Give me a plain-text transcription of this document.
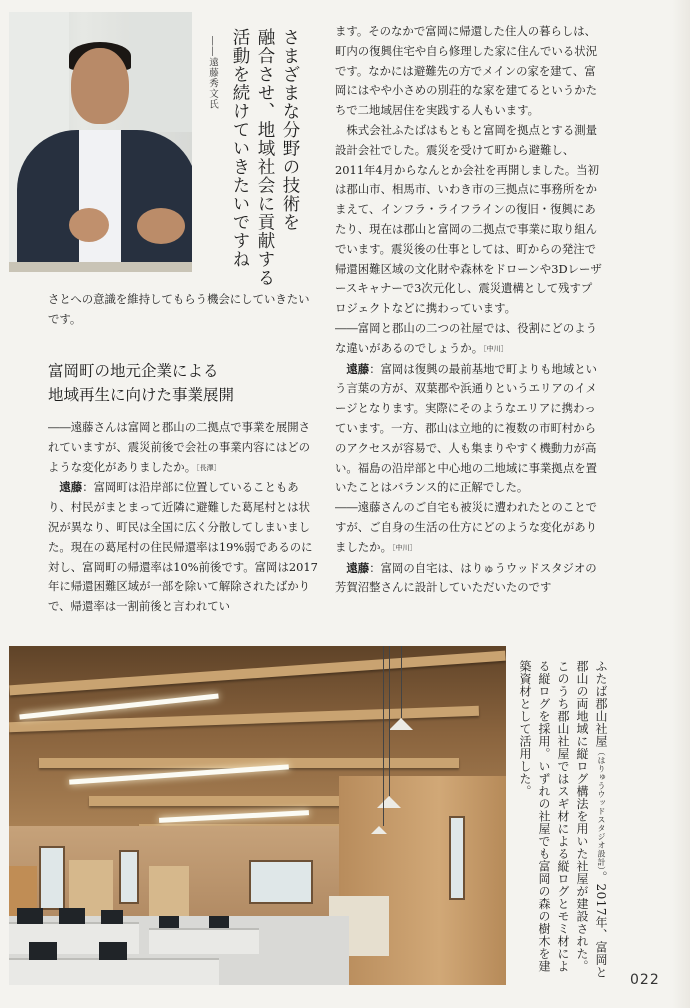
さまざまな分野の技術を
融合させ、地域社会に貢献する
活動を続けていきたいですね
――遠藤秀文氏

さとへの意識を維持してもらう機会にしていきたいです。

富岡町の地元企業による
地域再生に向けた事業展開

――遠藤さんは富岡と郡山の二拠点で事業を展開されていますが、震災前後で会社の事業内容にはどのような変化がありましたか。［長澤］

遠藤：富岡町は沿岸部に位置していることもあり、村民がまとまって近隣に避難した葛尾村とは状況が異なり、町民は全国に広く分散してしまいました。現在の葛尾村の住民帰還率は19%弱であるのに対し、富岡町の帰還率は10%前後です。富岡は2017年に帰還困難区域が一部を除いて解除されたばかりで、帰還率は一割前後と言われてい

ます。そのなかで富岡に帰還した住人の暮らしは、町内の復興住宅や自ら修理した家に住んでいる状況です。なかには避難先の方でメインの家を建て、富岡にはやや小さめの別荘的な家を建てるというかたちで二地域居住を実践する人もいます。

株式会社ふたばはもともと富岡を拠点とする測量設計会社でした。震災を受けて町から避難し、2011年4月からなんとか会社を再開しました。当初は郡山市、相馬市、いわき市の三拠点に事務所をかまえて、インフラ・ライフラインの復旧・復興にあたり、現在は郡山と富岡の二拠点で事業に取り組んでいます。震災後の仕事としては、町からの発注で帰還困難区域の文化財や森林をドローンや3Dレーザースキャナーで3次元化し、震災遺構として残すプロジェクトなどに携わっています。

――富岡と郡山の二つの社屋では、役割にどのような違いがあるのでしょうか。［中川］

遠藤：富岡は復興の最前基地で町よりも地域という言葉の方が、双葉郡や浜通りというエリアのイメージとなります。実際にそのようなエリアに携わっています。一方、郡山は立地的に複数の市町村からのアクセスが容易で、人も集まりやすく機動力が高い。福島の沿岸部と中心地の二地域に事業拠点を置いたことはバランス的に正解でした。

――遠藤さんのご自宅も被災に遭われたとのことですが、ご自身の生活の仕方にどのような変化がありましたか。［中川］

遠藤：富岡の自宅は、はりゅうウッドスタジオの芳賀沼整さんに設計していただいたのです

ふたば郡山社屋（はりゅうウッドスタジオ設計）。2017年、富岡と郡山の両地域に縦ログ構法を用いた社屋が建設された。このうち郡山社屋ではスギ材による縦ログとモミ材による縦ログを採用。いずれの社屋でも富岡の森の樹木を建築資材として活用した。
022
